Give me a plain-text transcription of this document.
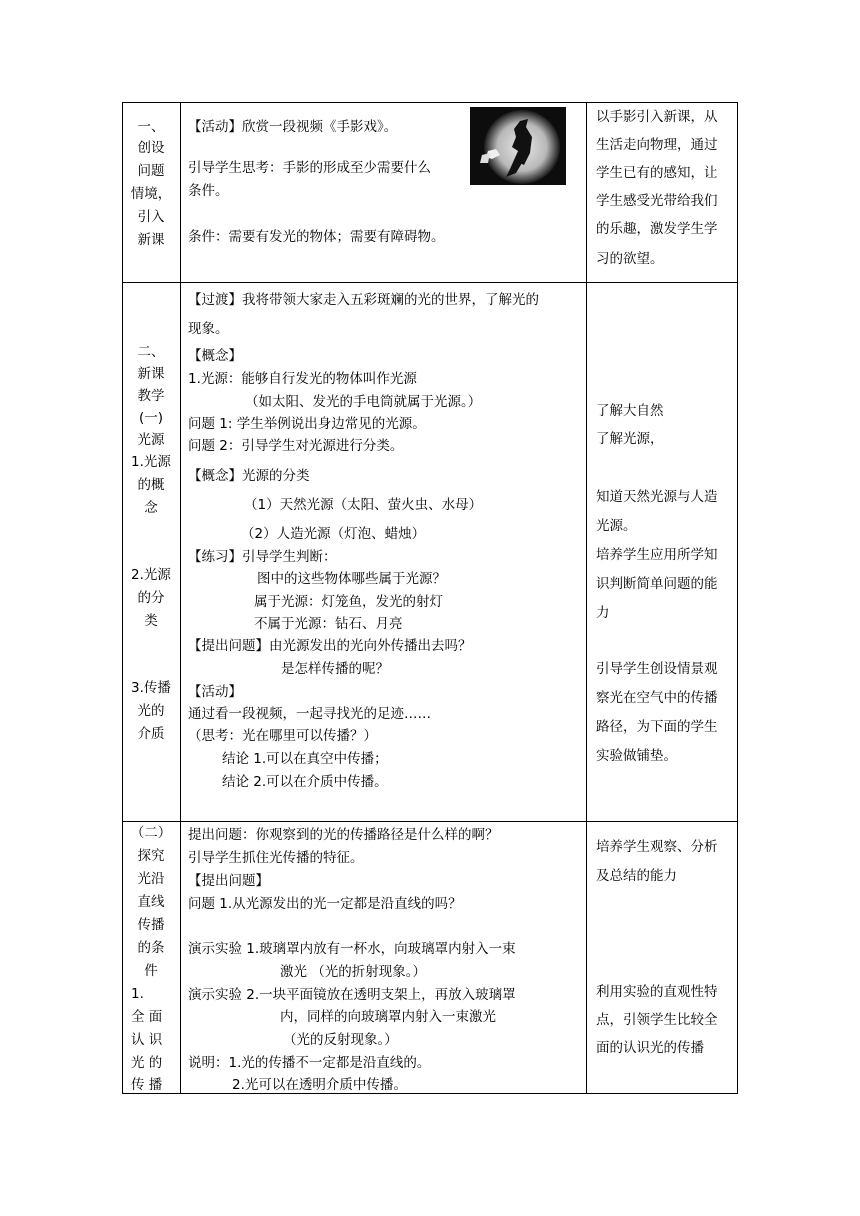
一、
创设
问题
情境，
引入
新课
【活动】欣赏一段视频《手影戏》。
引导学生思考：手影的形成至少需要什么
条件。
条件：需要有发光的物体；需要有障碍物。
以手影引入新课，从
生活走向物理，通过
学生已有的感知，让
学生感受光带给我们
的乐趣，激发学生学
习的欲望。
二、
新课
教学
(一)
光源
1.光源
的概
念
2.光源
的分
类
3.传播
光的
介质
【过渡】我将带领大家走入五彩斑斓的光的世界，了解光的
现象。
【概念】
1.光源：能够自行发光的物体叫作光源
（如太阳、发光的手电筒就属于光源。）
问题 1: 学生举例说出身边常见的光源。
问题 2：引导学生对光源进行分类。
【概念】光源的分类
（1）天然光源（太阳、萤火虫、水母）
（2）人造光源（灯泡、蜡烛）
【练习】引导学生判断：
图中的这些物体哪些属于光源？
属于光源：灯笼鱼，发光的射灯
不属于光源：钻石、月亮
【提出问题】由光源发出的光向外传播出去吗？
是怎样传播的呢？
【活动】
通过看一段视频，一起寻找光的足迹……
（思考：光在哪里可以传播？）
结论 1.可以在真空中传播；
结论 2.可以在介质中传播。
了解大自然
了解光源，
知道天然光源与人造
光源。
培养学生应用所学知
识判断简单问题的能
力
引导学生创设情景观
察光在空气中的传播
路径，为下面的学生
实验做铺垫。
（二）
探究
光沿
直线
传播
的条
件
1.
全 面
认 识
光 的
传 播
提出问题：你观察到的光的传播路径是什么样的啊？
引导学生抓住光传播的特征。
【提出问题】
问题 1.从光源发出的光一定都是沿直线的吗？
演示实验 1.玻璃罩内放有一杯水，向玻璃罩内射入一束
激光 （光的折射现象。）
演示实验 2.一块平面镜放在透明支架上，再放入玻璃罩
内，同样的向玻璃罩内射入一束激光
（光的反射现象。）
说明：1.光的传播不一定都是沿直线的。
2.光可以在透明介质中传播。
培养学生观察、分析
及总结的能力
利用实验的直观性特
点，引领学生比较全
面的认识光的传播
